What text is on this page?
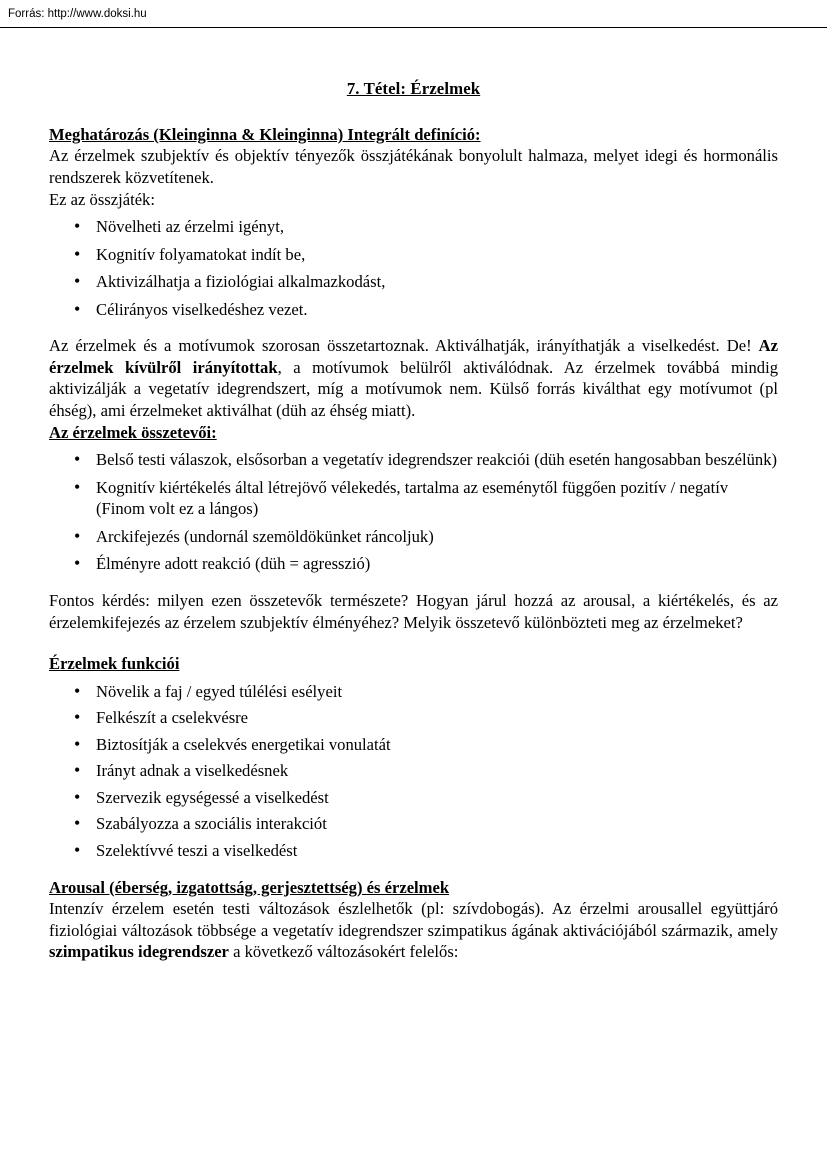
Forrás: http://www.doksi.hu
7. Tétel: Érzelmek
Meghatározás (Kleinginna & Kleinginna) Integrált definíció:

Az érzelmek szubjektív és objektív tényezők összjátékának bonyolult halmaza, melyet idegi és hormonális rendszerek közvetítenek.

Ez az összjáték:

• Növelheti az érzelmi igényt,
• Kognitív folyamatokat indít be,
• Aktivizálhatja a fiziológiai alkalmazkodást,
• Célirányos viselkedéshez vezet.

Az érzelmek és a motívumok szorosan összetartoznak. Aktiválhatják, irányíthatják a viselkedést. De! Az érzelmek kívülről irányítottak, a motívumok belülről aktiválódnak. Az érzelmek továbbá mindig aktivizálják a vegetatív idegrendszert, míg a motívumok nem. Külső forrás kiválthat egy motívumot (pl éhség), ami érzelmeket aktiválhat (düh az éhség miatt).

Az érzelmek összetevői:
• Belső testi válaszok, elsősorban a vegetatív idegrendszer reakciói (düh esetén hangosabban beszélünk)
• Kognitív kiértékelés által létrejövő vélekedés, tartalma az eseménytől függően pozitív / negatív (Finom volt ez a lángos)
• Arckifejezés (undornál szemöldökünket ráncoljuk)
• Élményre adott reakció (düh = agresszió)

Fontos kérdés: milyen ezen összetevők természete? Hogyan járul hozzá az arousal, a kiértékelés, és az érzelemkifejezés az érzelem szubjektív élményéhez? Melyik összetevő különbözteti meg az érzelmeket?

Érzelmek funkciói
• Növelik a faj / egyed túlélési esélyeit
• Felkészít a cselekvésre
• Biztosítják a cselekvés energetikai vonulatát
• Irányt adnak a viselkedésnek
• Szervezik egységessé a viselkedést
• Szabályozza a szociális interakciót
• Szelektívvé teszi a viselkedést
Arousal (éberség, izgatottság, gerjesztettség) és érzelmek

Intenzív érzelem esetén testi változások észlelhetők (pl: szívdobogás). Az érzelmi arousallel együttjáró fiziológiai változások többsége a vegetatív idegrendszer szimpatikus ágának aktivációjából származik, amely szimpatikus idegrendszer a következő változásokért felelős:
